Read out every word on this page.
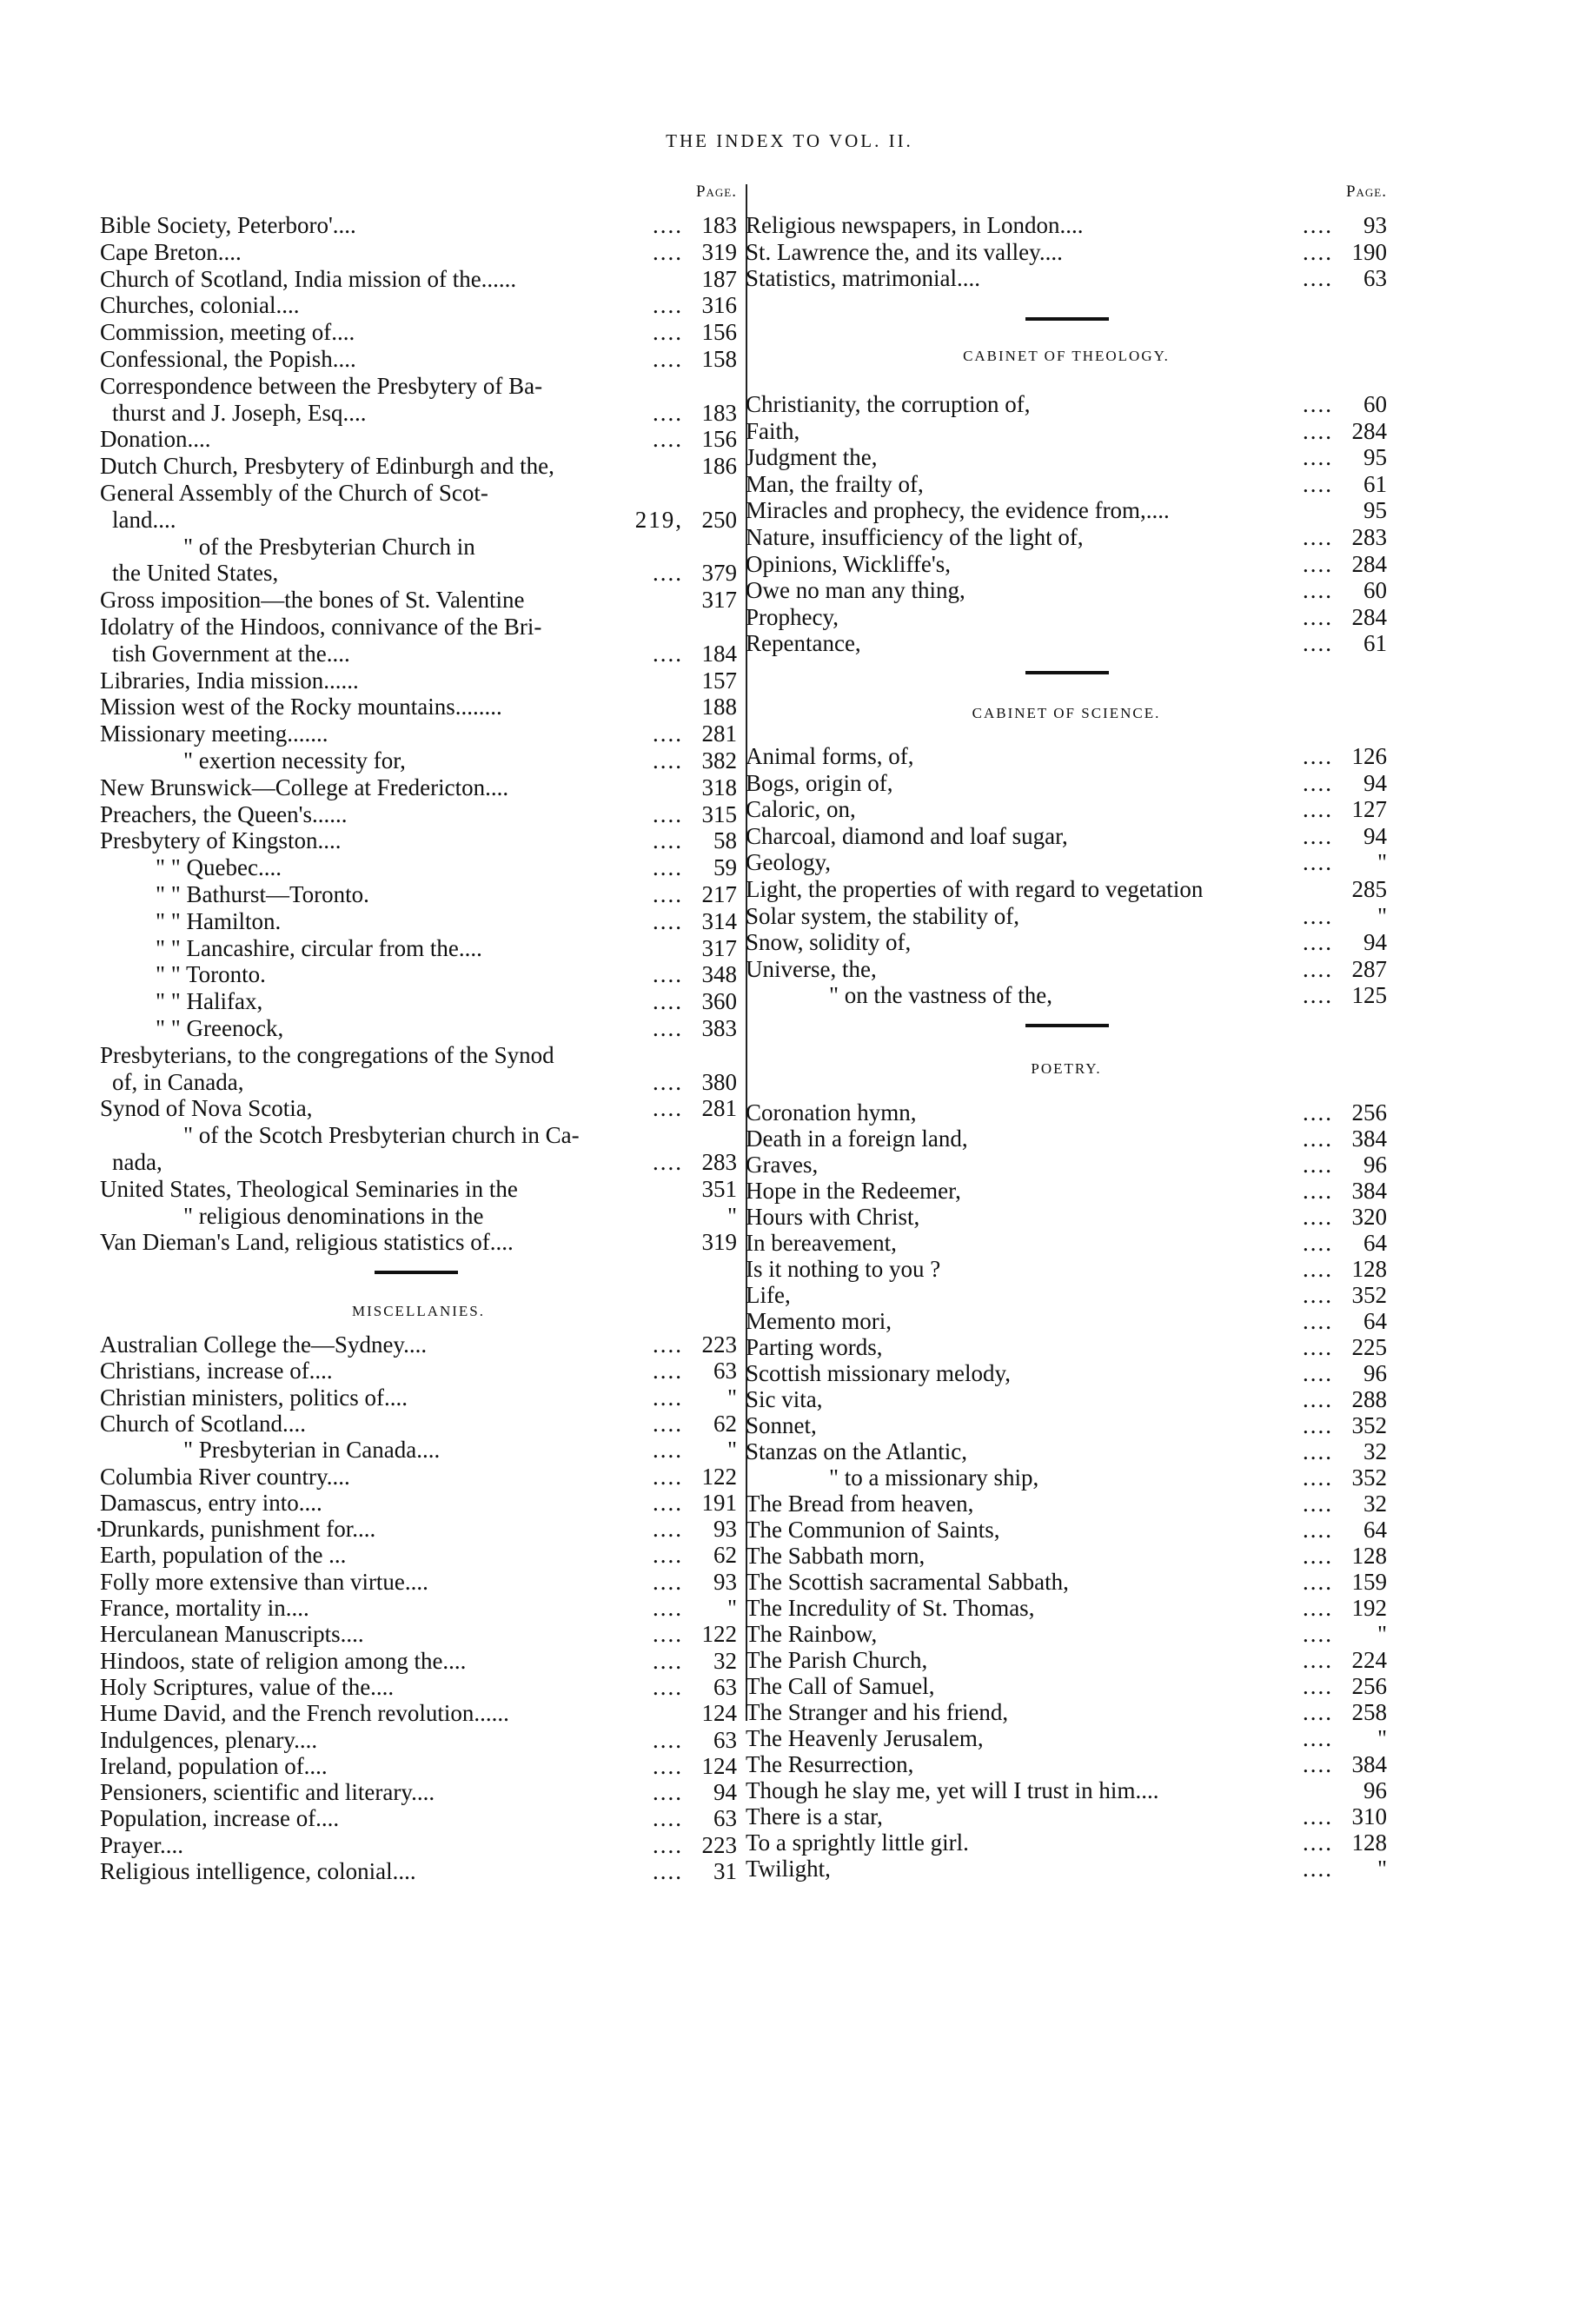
THE INDEX TO VOL. II.
Page.
Bible Society, Peterboro'....	.... 183
Cape Breton....	.... 319
Church of Scotland, India mission of the......	187
Churches, colonial....	.... 316
Commission, meeting of....	.... 156
Confessional, the Popish....	.... 158
Correspondence between the Presbytery of Ba-
thurst and J. Joseph, Esq....	.... 183
Donation....	.... 156
Dutch Church, Presbytery of Edinburgh and the,	186
General Assembly of the Church of Scot-
land....	219, 250
" of the Presbyterian Church in
the United States,	.... 379
Gross imposition—the bones of St. Valentine	317
Idolatry of the Hindoos, connivance of the Bri-
tish Government at the....	.... 184
Libraries, India mission......	157
Mission west of the Rocky mountains........	188
Missionary meeting.......	.... 281
" exertion necessity for,	.... 382
New Brunswick—College at Fredericton....	318
Preachers, the Queen's......	.... 315
Presbytery of Kingston....	....	58
" " Quebec....	....	59
" " Bathurst—Toronto.	.... 217
" " Hamilton.	.... 314
" " Lancashire, circular from the....	317
" " Toronto.	.... 348
" " Halifax,	.... 360
" " Greenock,	.... 383
Presbyterians, to the congregations of the Synod
of, in Canada,	.... 380
Synod of Nova Scotia,	.... 281
" of the Scotch Presbyterian church in Ca-
nada,	.... 283
United States, Theological Seminaries in the	351
" religious denominations in the	"
Van Dieman's Land, religious statistics of....	319
MISCELLANIES.
Australian College the—Sydney....	.... 223
Christians, increase of....	....	63
Christian ministers, politics of....	....	"
Church of Scotland....	....	62
" Presbyterian in Canada....	....	"
Columbia River country....	.... 122
Damascus, entry into....	.... 191
Drunkards, punishment for....	....	93
Earth, population of the ...	....	62
Folly more extensive than virtue....	....	93
France, mortality in....	....	"
Herculanean Manuscripts....	.... 122
Hindoos, state of religion among the....	....	32
Holy Scriptures, value of the....	....	63
Hume David, and the French revolution......	124
Indulgences, plenary....	....	63
Ireland, population of....	.... 124
Pensioners, scientific and literary....	....	94
Population, increase of....	....	63
Prayer....	.... 223
Religious intelligence, colonial....	....	31
Page.
Religious newspapers, in London....	....	93
St. Lawrence the, and its valley....	.... 190
Statistics, matrimonial....	....	63
CABINET OF THEOLOGY.
Christianity, the corruption of,	....	60
Faith,	.... 284
Judgment the,	....	95
Man, the frailty of,	....	61
Miracles and prophecy, the evidence from,....	95
Nature, insufficiency of the light of,	.... 283
Opinions, Wickliffe's,	.... 284
Owe no man any thing,	....	60
Prophecy,	.... 284
Repentance,	....	61
CABINET OF SCIENCE.
Animal forms, of,	.... 126
Bogs, origin of,	....	94
Caloric, on,	.... 127
Charcoal, diamond and loaf sugar,	....	94
Geology,	....	"
Light, the properties of with regard to vegetation	285
Solar system, the stability of,	....	"
Snow, solidity of,	....	94
Universe, the,	.... 287
" on the vastness of the,	.... 125
POETRY.
Coronation hymn,	.... 256
Death in a foreign land,	.... 384
Graves,	....	96
Hope in the Redeemer,	.... 384
Hours with Christ,	.... 320
In bereavement,	....	64
Is it nothing to you ?	.... 128
Life,	.... 352
Memento mori,	....	64
Parting words,	.... 225
Scottish missionary melody,	....	96
Sic vita,	.... 288
Sonnet,	.... 352
Stanzas on the Atlantic,	....	32
" to a missionary ship,	.... 352
The Bread from heaven,	....	32
The Communion of Saints,	....	64
The Sabbath morn,	.... 128
The Scottish sacramental Sabbath,	.... 159
The Incredulity of St. Thomas,	.... 192
The Rainbow,	....	"
The Parish Church,	.... 224
The Call of Samuel,	.... 256
The Stranger and his friend,	.... 258
The Heavenly Jerusalem,	....	"
The Resurrection,	.... 384
Though he slay me, yet will I trust in him....	96
There is a star,	.... 310
To a sprightly little girl.	.... 128
Twilight,	....	"
